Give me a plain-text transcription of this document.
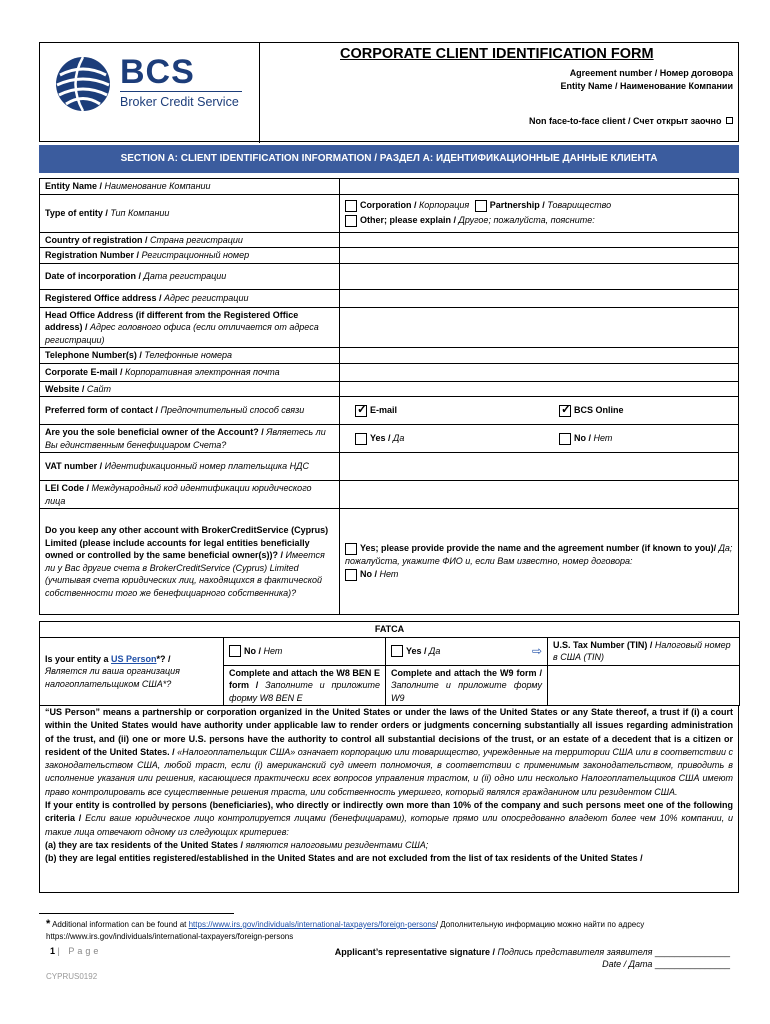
BCS
Broker Credit Service
CORPORATE CLIENT IDENTIFICATION FORM
Agreement number / Номер договора
Entity Name / Наименование Компании
Non face-to-face client / Счет открыт заочно
SECTION A: CLIENT IDENTIFICATION INFORMATION / РАЗДЕЛ А: ИДЕНТИФИКАЦИОННЫЕ ДАННЫЕ КЛИЕНТА
Entity Name / Наименование Компании	
Type of entity / Тип Компании	Corporation / Корпорация Partnership / Товарищество
Other; please explain / Другое; пожалуйста, поясните:

Country of registration / Страна регистрации	
Registration Number / Регистрационный номер	
Date of incorporation / Дата регистрации	
Registered Office address / Адрес регистрации	
Head Office Address (if different from the Registered Office address) / Адрес головного офиса (если отличается от адреса регистрации)	
Telephone Number(s) / Телефонные номера	
Corporate E-mail / Корпоративная электронная почта	
Website / Сайт	
Preferred form of contact / Предпочтительный способ связи	
✓E-mail ✓ BCS Online

Are you the sole beneficial owner of the Account? / Являетесь ли Вы единственным бенефициаром Счета?	Yes / Да No / Нет

VAT number / Идентификационный номер плательщика НДС	
LEI Code / Международный код идентификации юридического лица	
Do you keep any other account with BrokerCreditService (Cyprus) Limited (please include accounts for legal entities beneficially owned or controlled by the same beneficial owner(s))? / Имеется ли у Вас другие счета в BrokerCreditService (Cyprus) Limited (учитывая счета юридических лиц, находящихся в фактической собственности того же бенефициарного собственника)?	Yes; please provide provide the name and the agreement number (if known to you)/ Да; пожалуйста, укажите ФИО и, если Вам известно, номер договора:
No / Нет
FATCA			
Is your entity a US Person*? /
Является ли ваша организация налогоплательщиком США*?	No / Нет	Yes / Да ⇨	U.S. Tax Number (TIN) / Налоговый номер в США (TIN)
	Complete and attach the W8 BEN E form / Заполните и приложите форму W8 BEN E	Complete and attach the W9 form / Заполните и приложите форму W9	

“US Person” means a partnership or corporation organized in the United States or under the laws of the United States or any State thereof, a trust if (i) a court within the United States would have authority under applicable law to render orders or judgments concerning substantially all issues regarding administration of the trust, and (ii) one or more U.S. persons have the authority to control all substantial decisions of the trust, or an estate of a decedent that is a citizen or resident of the United States. / «Налогоплательщик США» означает корпорацию или товарищество, учрежденные на территории США или в соответствии с законодательством США, любой траст, если (i) американский суд имеет полномочия, в соответствии с применимым законодательством, приводить в исполнение указания или решения, касающиеся практически всех вопросов управления трастом, и (ii) одно или несколько Налогоплательщиков США имеют право контролировать все существенные решения траста, или собственность умершего, который являлся гражданином или резидентом США.

If your entity is controlled by persons (beneficiaries), who directly or indirectly own more than 10% of the company and such persons meet one of the following criteria / Если ваше юридическое лицо контролируется лицами (бенефициарами), которые прямо или опосредованно владеют более чем 10% компании, и такие лица отвечают одному из следующих критериев:

(a) they are tax residents of the United States / являются налоговыми резидентами США;

(b) they are legal entities registered/established in the United States and are not excluded from the list of tax residents of the United States /

* Additional information can be found at https://www.irs.gov/individuals/international-taxpayers/foreign-persons/ Дополнительную информацию можно найти по адресу https://www.irs.gov/individuals/international-taxpayers/foreign-persons
1 | Page	Applicant’s representative signature / Подпись представителя заявителя _______________
Date / Дата _______________
CYPRUS0192
